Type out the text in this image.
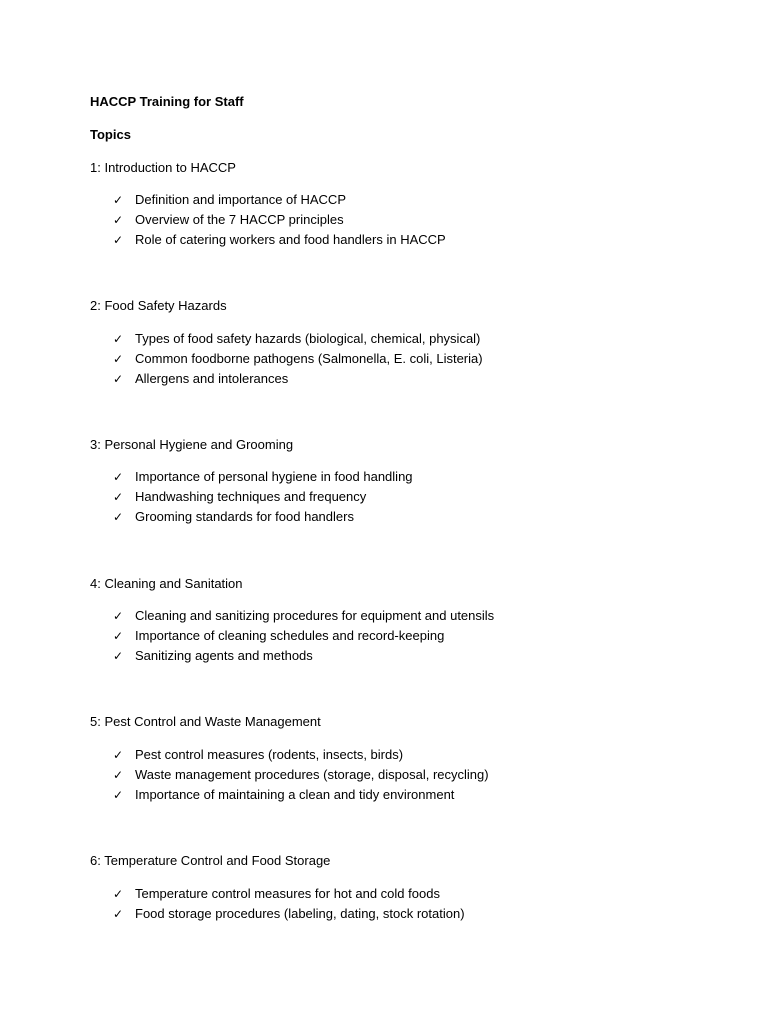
HACCP Training for Staff
Topics
1: Introduction to HACCP
✓ Definition and importance of HACCP
✓ Overview of the 7 HACCP principles
✓ Role of catering workers and food handlers in HACCP
2: Food Safety Hazards
✓ Types of food safety hazards (biological, chemical, physical)
✓ Common foodborne pathogens (Salmonella, E. coli, Listeria)
✓ Allergens and intolerances
3: Personal Hygiene and Grooming
✓ Importance of personal hygiene in food handling
✓ Handwashing techniques and frequency
✓ Grooming standards for food handlers
4: Cleaning and Sanitation
✓ Cleaning and sanitizing procedures for equipment and utensils
✓ Importance of cleaning schedules and record-keeping
✓ Sanitizing agents and methods
5: Pest Control and Waste Management
✓ Pest control measures (rodents, insects, birds)
✓ Waste management procedures (storage, disposal, recycling)
✓ Importance of maintaining a clean and tidy environment
6: Temperature Control and Food Storage
✓ Temperature control measures for hot and cold foods
✓ Food storage procedures (labeling, dating, stock rotation)
